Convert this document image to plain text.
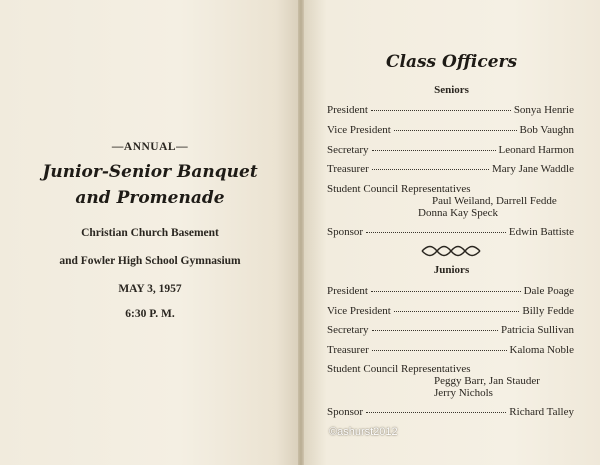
—ANNUAL—
Junior-Senior Banquet
and Promenade
Christian Church Basement
and Fowler High School Gymnasium
MAY 3, 1957
6:30 P. M.
Class Officers
Seniors
President	Sonya Henrie
Vice President	Bob Vaughn
Secretary	Leonard Harmon
Treasurer	Mary Jane Waddle
Student Council Representatives
Paul Weiland, Darrell Fedde
Donna Kay Speck
Sponsor	Edwin Battiste
Juniors
President	Dale Poage
Vice President	Billy Fedde
Secretary	Patricia Sullivan
Treasurer	Kaloma Noble
Student Council Representatives
Peggy Barr, Jan Stauder
Jerry Nichols
Sponsor	Richard Talley
©ashurst2012
